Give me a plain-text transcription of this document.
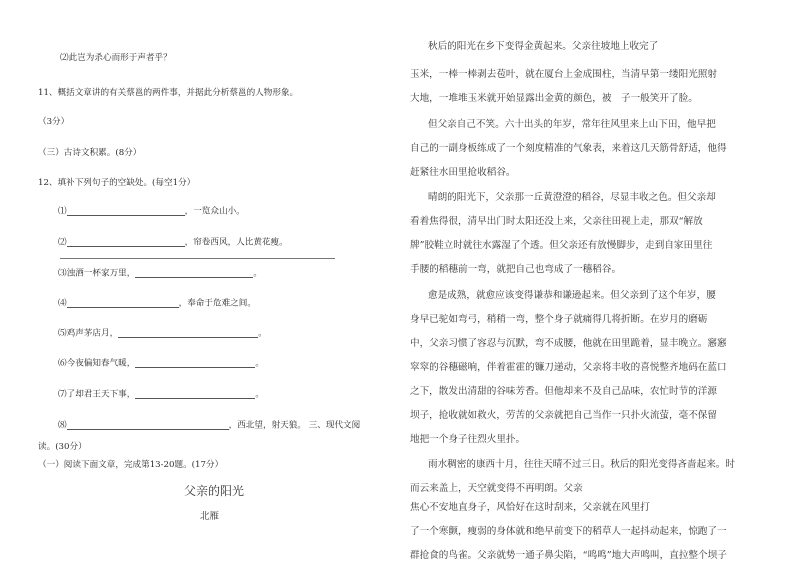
⑵此岂为杀心而形于声者乎？
11、概括文章讲的有关蔡邕的两件事，并据此分析蔡邕的人物形象。
（3分）
（三）古诗文积累。(8分）
12、填补下列句子的空缺处。(每空1分）
⑴	，一览众山小。
⑵	，帘卷西风，人比黄花瘦。
⑶浊酒一杯家万里，	。
⑷	，奉命于危难之间。
⑸鸡声茅店月，	。
⑹今夜偏知春气暖，	。
⑺了却君王天下事，	。
⑻	，西北望，射天狼。 三、现代文阅
读。(30分）
（一）阅读下面文章，完成第13-20题。(17分）
父亲的阳光
北雁
秋后的阳光在乡下变得金黄起来。父亲往坡地上收完了
玉米，一棒一棒剥去苞叶，就在厦台上金成围柱，当清早第一缕阳光照射
大地，一堆堆玉米就开始显露出金黄的颜色，被　子一般笑开了脸。
但父亲自己不笑。六十出头的年岁，常年往风里来上山下田，他早把
自己的一副身板练成了一个刻度精准的气象表，来着这几天筋骨舒适，他得
赶紧往水田里抢收稻谷。
晴朗的阳光下，父亲那一丘黄澄澄的稻谷，尽显丰收之色。但父亲却
看着焦得很，清早出门时太阳还没上来，父亲往田视上走，那双“解放
牌”胶鞋立时就往水露湿了个透。但父亲还有放慢脚步，走到自家田里往
手腰的稻穗前一弯，就把自己也弯成了一穗稻谷。
愈是成熟，就愈应该变得谦恭和谦逊起来。但父亲到了这个年岁，腰
身早已驼如弯弓，稍稍一弯，整个身子就痛得几将折断。在岁月的磨砺
中，父亲习惯了容忍与沉默，弯不成腰，他就在田里跪着，显丰晚立。窸窸
窣窣的谷穗磁响，伴着霍霍的镰刀递动，父亲将丰收的喜悦整齐地码在蓝口
之下，散发出清甜的谷味芳香。但他却来不及自己品味，农忙时节的洋源
坝子，抢收就如救火，劳苦的父亲就把自己当作一只扑火流萤，毫不保留
地把一个身子往烈火里扑。
雨水稠密的康西十月，往往天晴不过三日。秋后的阳光变得吝啬起来。时
而云来盖上，天空就变得不再明朗。父亲
焦心不安地直身子，风恰好在这时刮来，父亲就在风里打
了一个寒颤，瘦弱的身体就和绝早前变下的稻草人一起抖动起来，惊跑了一
群抢食的鸟雀。父亲就势一通子鼻尖陷，“鸣鸣”地大声鸣叫，直拉整个坝子
